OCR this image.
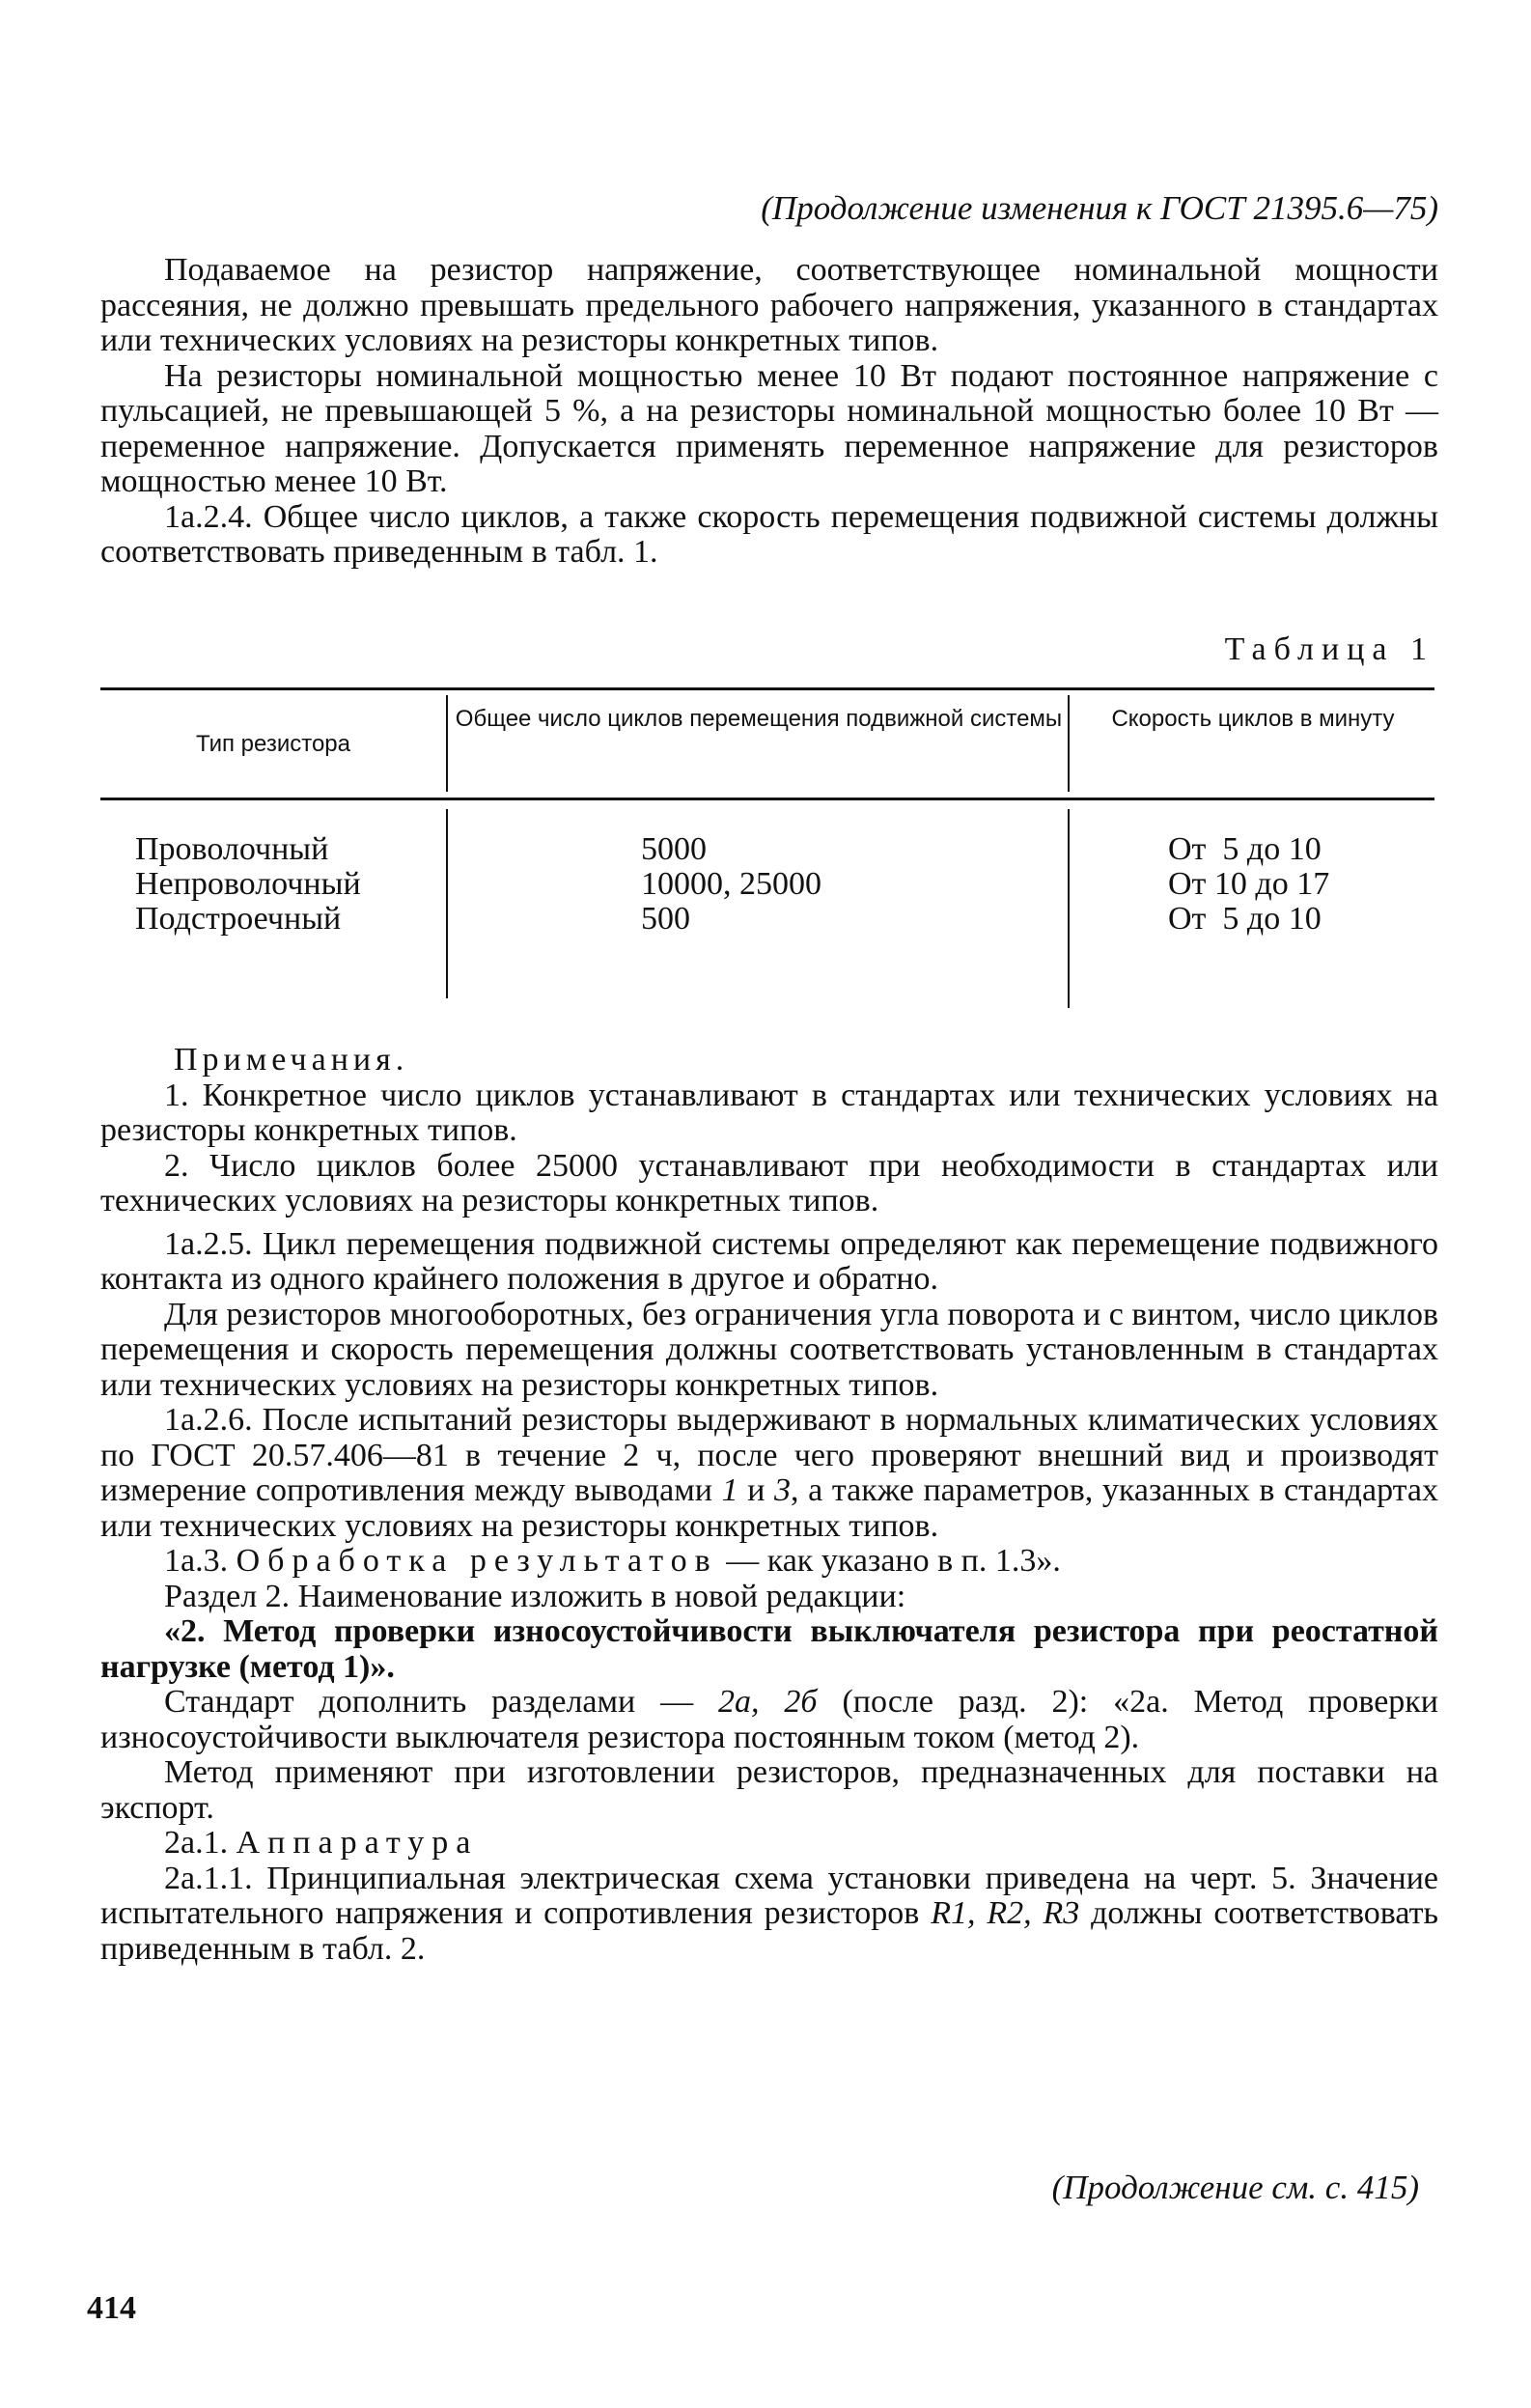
(Продолжение изменения к ГОСТ 21395.6—75)

Подаваемое на резистор напряжение, соответствующее номинальной мощности рассеяния, не должно превышать предельного рабочего напряжения, указанного в стандартах или технических условиях на резисторы конкретных типов.

На резисторы номинальной мощностью менее 10 Вт подают постоянное напряжение с пульсацией, не превышающей 5 %, а на резисторы номинальной мощностью более 10 Вт — переменное напряжение. Допускается применять переменное напряжение для резисторов мощностью менее 10 Вт.

1а.2.4. Общее число циклов, а также скорость перемещения подвижной системы должны соответствовать приведенным в табл. 1.

Таблица 1
Тип резистора
Общее число циклов перемещения подвижной системы	Скорость циклов в минуту
Проволочный
Непроволочный
Подстроечный
5000
10000, 25000
500
От  5 до 10
От 10 до 17
От  5 до 10

Примечания.

1. Конкретное число циклов устанавливают в стандартах или технических условиях на резисторы конкретных типов.

2. Число циклов более 25000 устанавливают при необходимости в стандартах или технических условиях на резисторы конкретных типов.

1а.2.5. Цикл перемещения подвижной системы определяют как перемещение подвижного контакта из одного крайнего положения в другое и обратно.

Для резисторов многооборотных, без ограничения угла поворота и с винтом, число циклов перемещения и скорость перемещения должны соответствовать установленным в стандартах или технических условиях на резисторы конкретных типов.

1а.2.6. После испытаний резисторы выдерживают в нормальных климатических условиях по ГОСТ 20.57.406—81 в течение 2 ч, после чего проверяют внешний вид и производят измерение сопротивления между выводами 1 и 3, а также параметров, указанных в стандартах или технических условиях на резисторы конкретных типов.

1а.3. Обработка результатов — как указано в п. 1.3».

Раздел 2. Наименование изложить в новой редакции:

«2. Метод проверки износоустойчивости выключателя резистора при реостатной нагрузке (метод 1)».

Стандарт дополнить разделами — 2а, 2б (после разд. 2): «2а. Метод проверки износоустойчивости выключателя резистора постоянным током (метод 2).

Метод применяют при изготовлении резисторов, предназначенных для поставки на экспорт.

2а.1. Аппаратура

2а.1.1. Принципиальная электрическая схема установки приведена на черт. 5. Значение испытательного напряжения и сопротивления резисторов R1, R2, R3 должны соответствовать приведенным в табл. 2.

(Продолжение см. с. 415)
414
